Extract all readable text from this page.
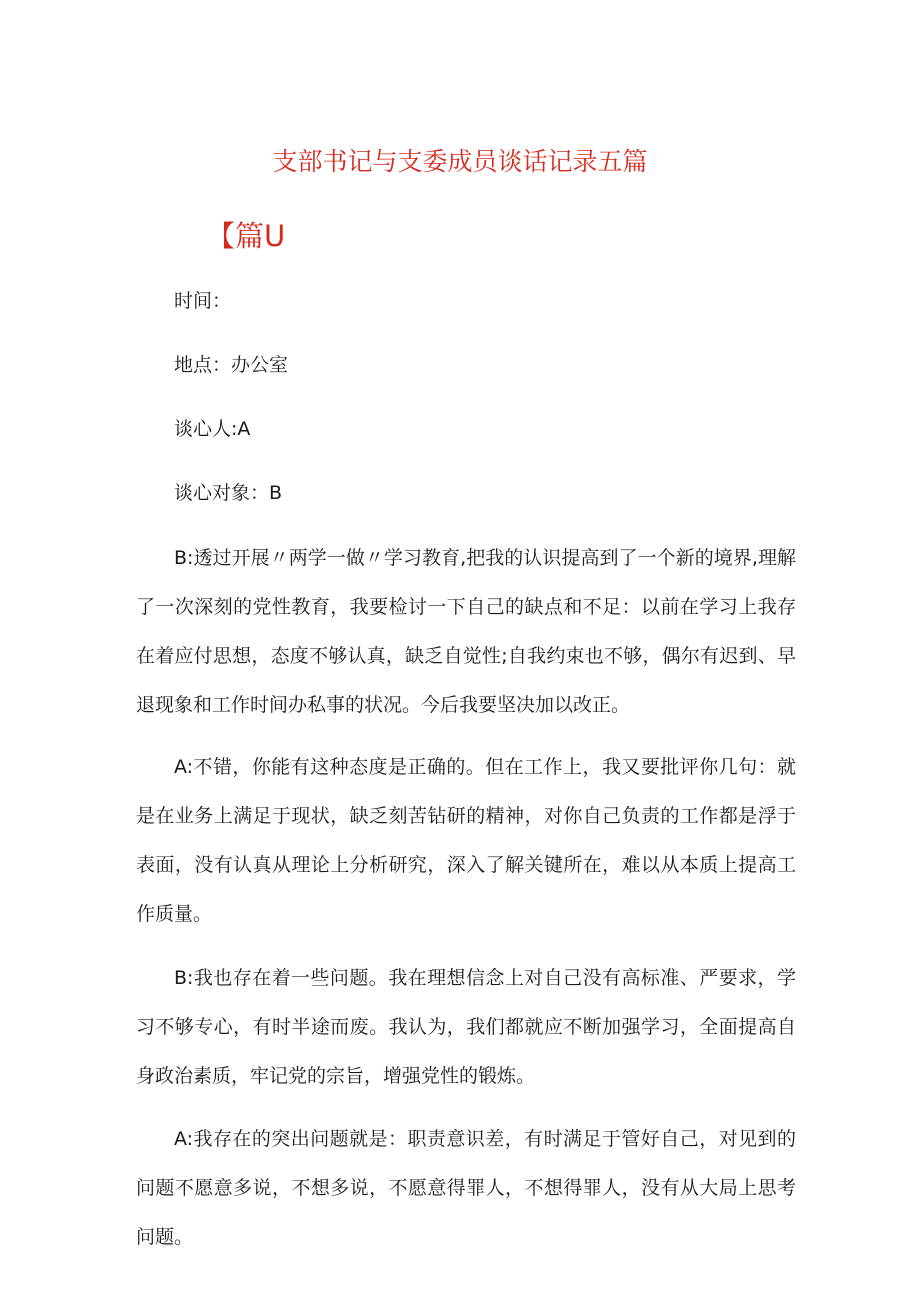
支部书记与支委成员谈话记录五篇
【篇U
时间：
地点：办公室
谈心人:A
谈心对象：B
B:透过开展〃两学一做〃学习教育,把我的认识提高到了一个新的境界,理解了一次深刻的党性教育，我要检讨一下自己的缺点和不足：以前在学习上我存在着应付思想，态度不够认真，缺乏自觉性;自我约束也不够，偶尔有迟到、早退现象和工作时间办私事的状况。今后我要坚决加以改正。
A:不错，你能有这种态度是正确的。但在工作上，我又要批评你几句：就是在业务上满足于现状，缺乏刻苦钻研的精神，对你自己负责的工作都是浮于表面，没有认真从理论上分析研究，深入了解关键所在，难以从本质上提高工作质量。
B:我也存在着一些问题。我在理想信念上对自己没有高标准、严要求，学习不够专心，有时半途而废。我认为，我们都就应不断加强学习，全面提高自身政治素质，牢记党的宗旨，增强党性的锻炼。
A:我存在的突出问题就是：职责意识差，有时满足于管好自己，对见到的问题不愿意多说，不想多说，不愿意得罪人，不想得罪人，没有从大局上思考问题。
